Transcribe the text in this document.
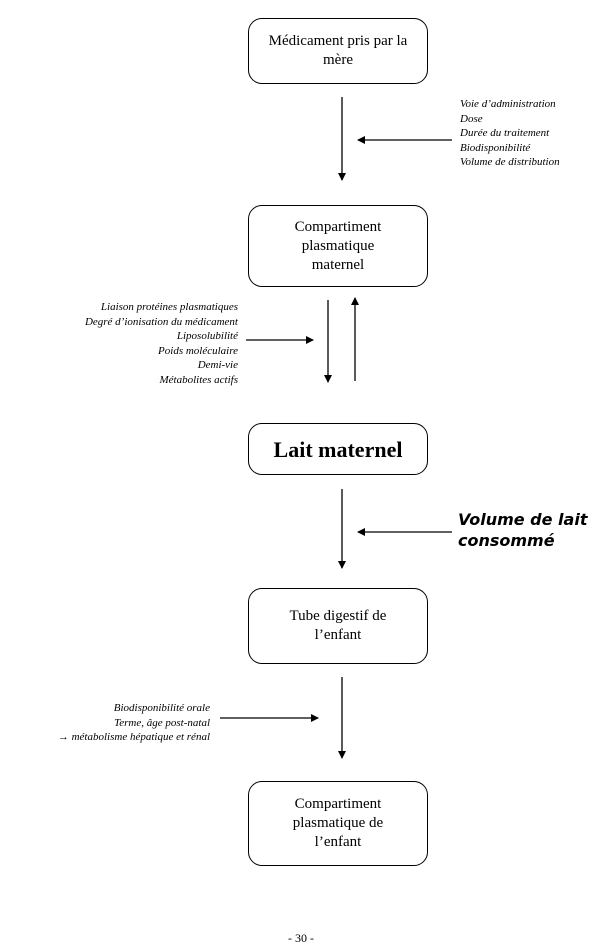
Médicament pris par la mère
Compartiment plasmatique maternel
Lait maternel
Tube digestif de l’enfant
Compartiment plasmatique de l’enfant
Voie d’administration
Dose
Durée du traitement
Biodisponibilité
Volume de distribution
Liaison protéines plasmatiques
Degré d’ionisation du médicament
Liposolubilité
Poids moléculaire
Demi-vie
Métabolites actifs
Volume de lait
consommé
Biodisponibilité orale
Terme, âge post-natal
→ métabolisme hépatique et rénal
- 30 -
